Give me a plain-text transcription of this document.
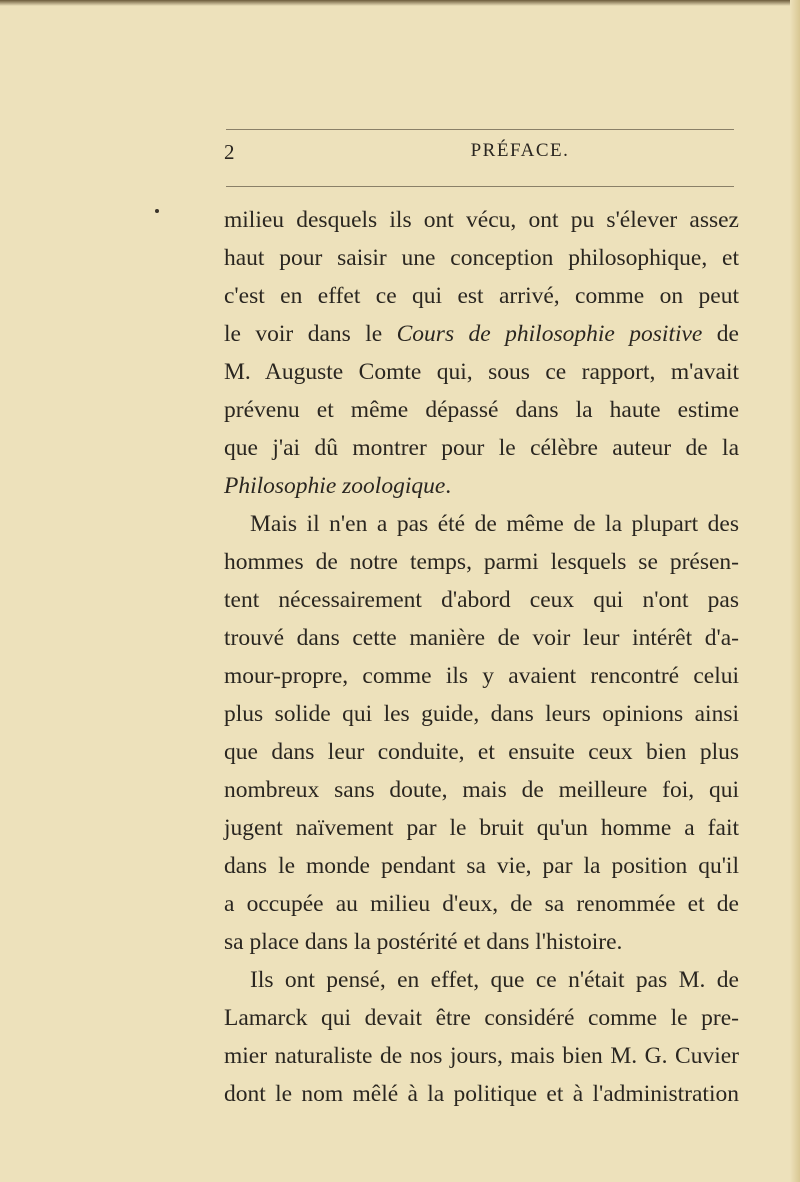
2	PRÉFACE.
milieu desquels ils ont vécu, ont pu s'élever assez
haut pour saisir une conception philosophique, et
c'est en effet ce qui est arrivé, comme on peut
le voir dans le Cours de philosophie positive de
M. Auguste Comte qui, sous ce rapport, m'avait
prévenu et même dépassé dans la haute estime
que j'ai dû montrer pour le célèbre auteur de la
Philosophie zoologique.
Mais il n'en a pas été de même de la plupart des
hommes de notre temps, parmi lesquels se présen-
tent nécessairement d'abord ceux qui n'ont pas
trouvé dans cette manière de voir leur intérêt d'a-
mour-propre, comme ils y avaient rencontré celui
plus solide qui les guide, dans leurs opinions ainsi
que dans leur conduite, et ensuite ceux bien plus
nombreux sans doute, mais de meilleure foi, qui
jugent naïvement par le bruit qu'un homme a fait
dans le monde pendant sa vie, par la position qu'il
a occupée au milieu d'eux, de sa renommée et de
sa place dans la postérité et dans l'histoire.
Ils ont pensé, en effet, que ce n'était pas M. de
Lamarck qui devait être considéré comme le pre-
mier naturaliste de nos jours, mais bien M. G. Cuvier
dont le nom mêlé à la politique et à l'administration
